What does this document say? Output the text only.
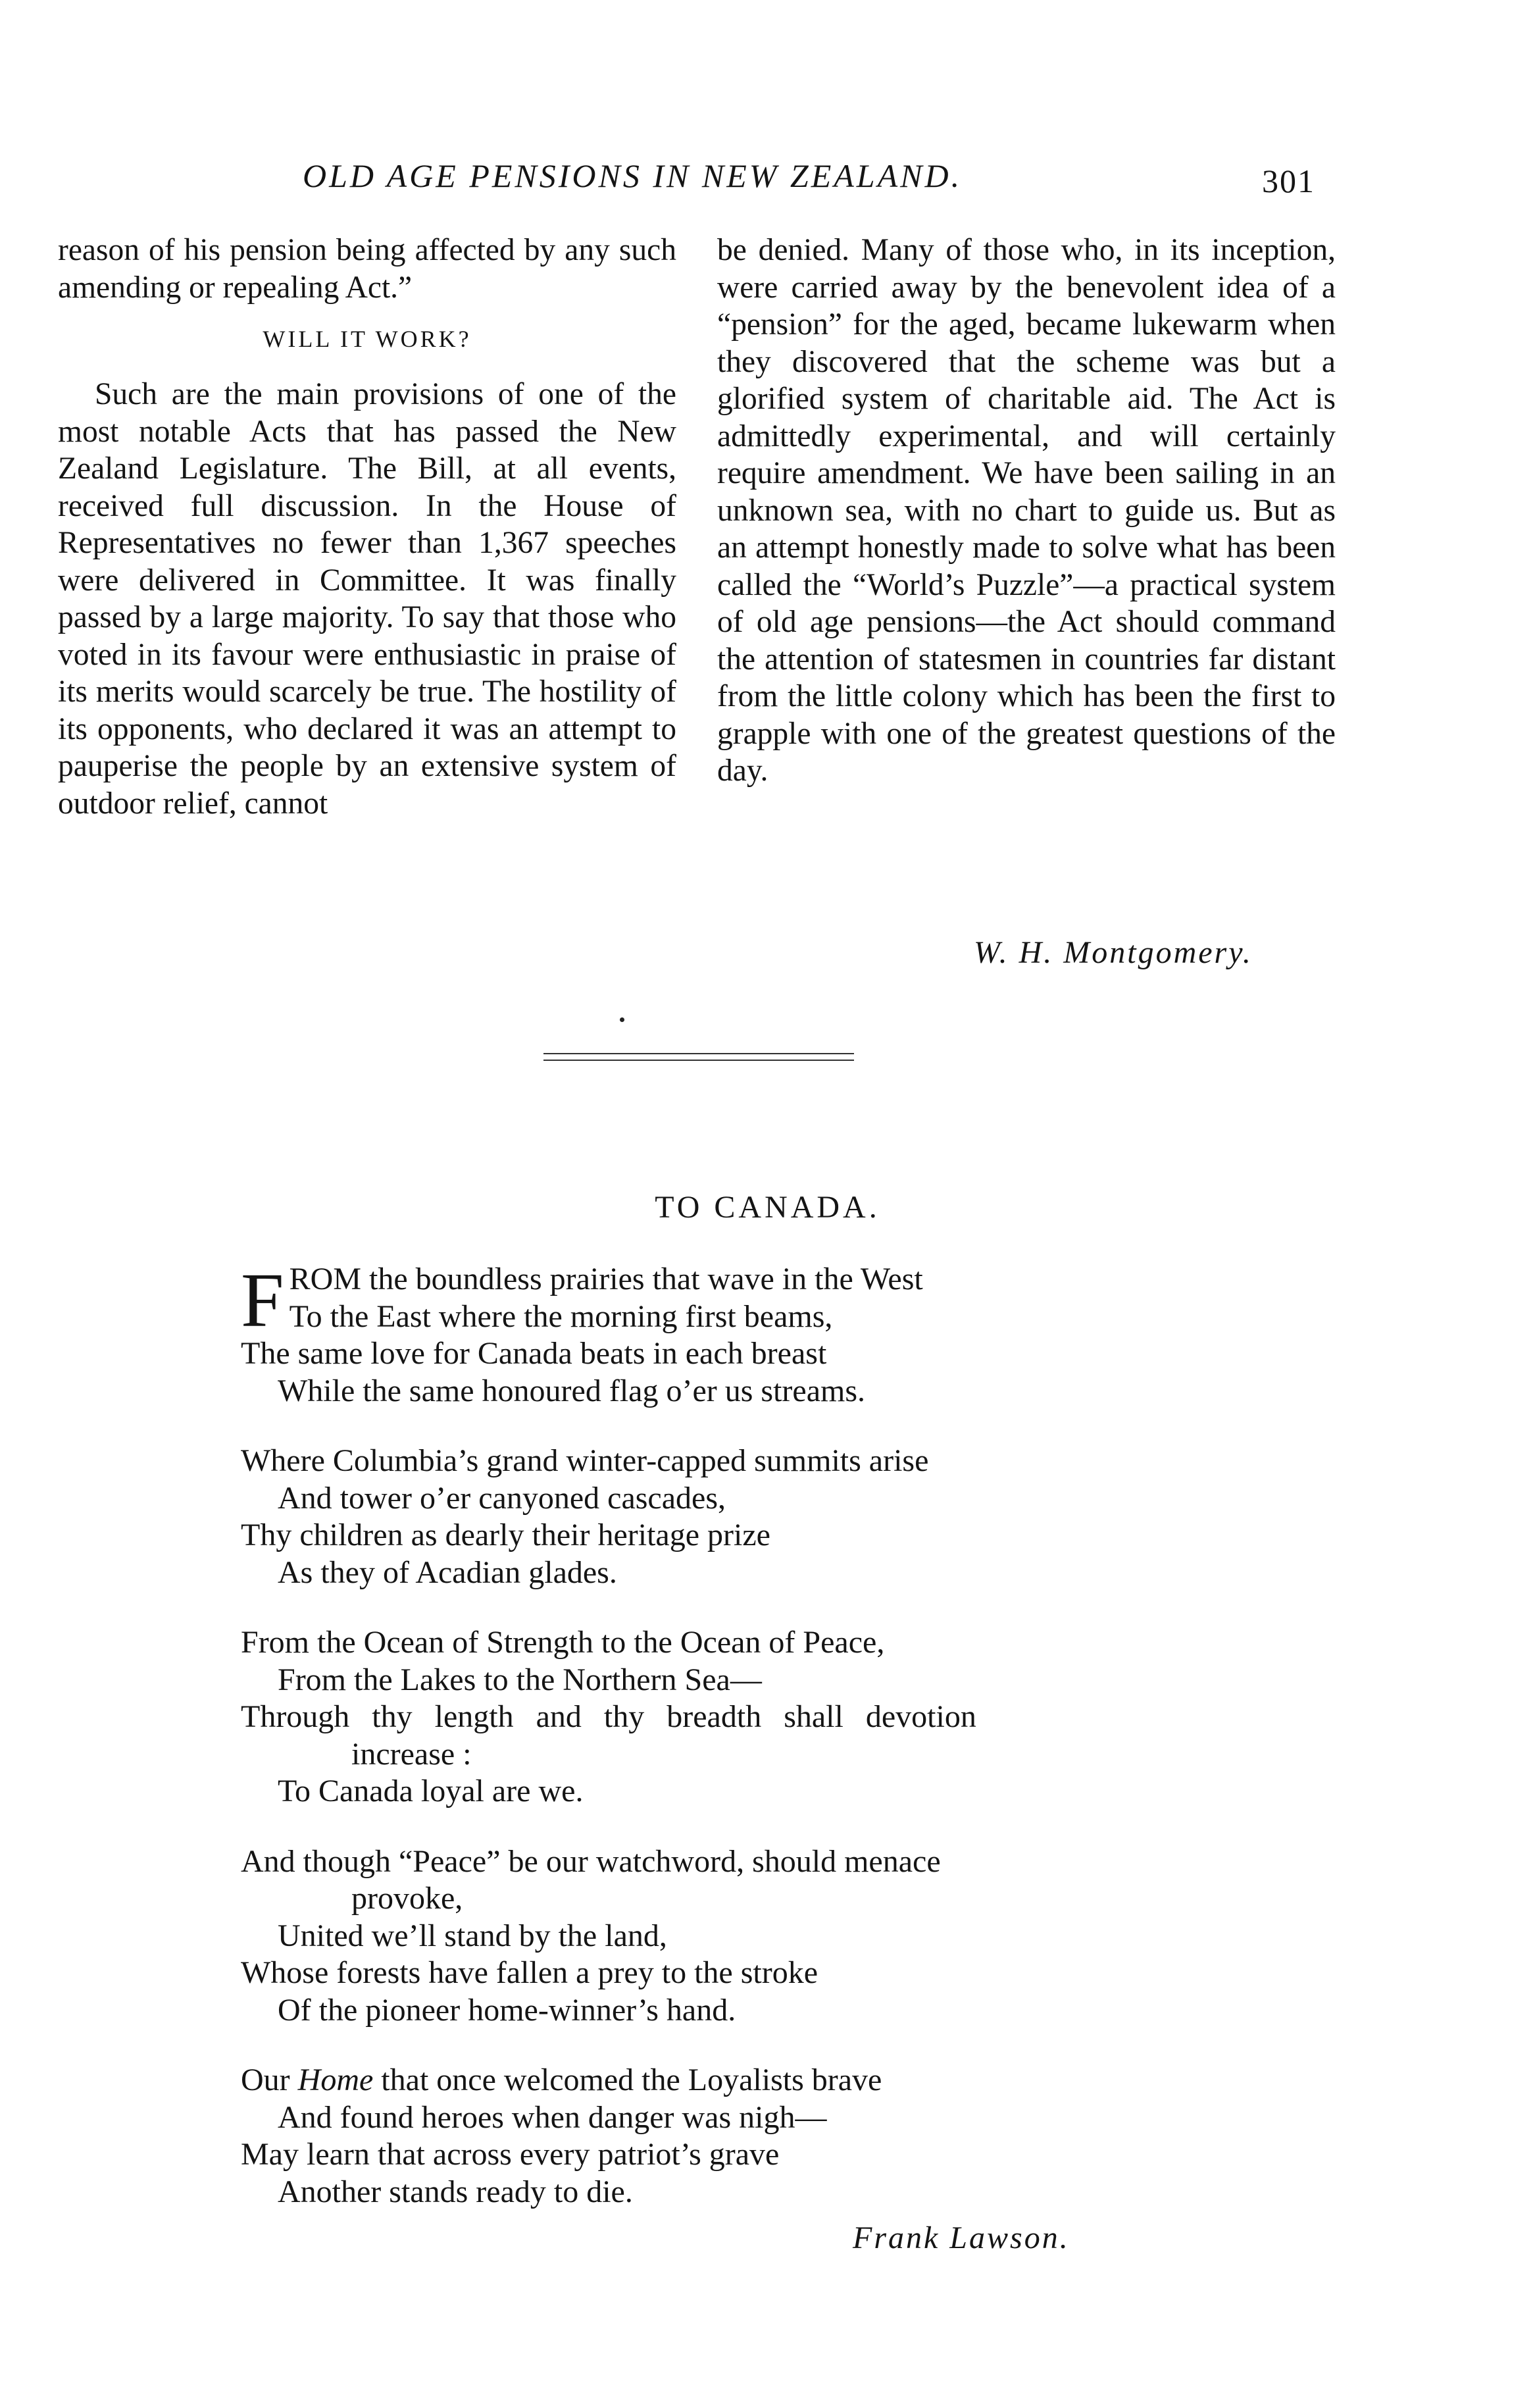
OLD AGE PENSIONS IN NEW ZEALAND.	301

reason of his pension being affected by any such amending or repealing Act.”

WILL IT WORK?

Such are the main provisions of one of the most notable Acts that has passed the New Zealand Legislature. The Bill, at all events, received full discussion. In the House of Representatives no fewer than 1,367 speeches were delivered in Committee. It was finally passed by a large majority. To say that those who voted in its favour were enthusiastic in praise of its merits would scarcely be true. The hostility of its opponents, who declared it was an attempt to pauperise the people by an extensive system of outdoor relief, cannot

be denied. Many of those who, in its inception, were carried away by the benevolent idea of a “pension” for the aged, became lukewarm when they discovered that the scheme was but a glorified system of charitable aid. The Act is admittedly experimental, and will certainly require amendment. We have been sailing in an unknown sea, with no chart to guide us. But as an attempt honestly made to solve what has been called the “World’s Puzzle”—a practical system of old age pensions—the Act should command the attention of statesmen in countries far distant from the little colony which has been the first to grapple with one of the greatest questions of the day.

W. H. Montgomery.
TO CANADA.
F ROM the boundless prairies that wave in the West
To the East where the morning first beams,
The same love for Canada beats in each breast
While the same honoured flag o’er us streams.
Where Columbia’s grand winter-capped summits arise
And tower o’er canyoned cascades,
Thy children as dearly their heritage prize
As they of Acadian glades.
From the Ocean of Strength to the Ocean of Peace,
From the Lakes to the Northern Sea—
Through thy length and thy breadth shall devotion
increase :
To Canada loyal are we.
And though “Peace” be our watchword, should menace
provoke,
United we’ll stand by the land,
Whose forests have fallen a prey to the stroke
Of the pioneer home-winner’s hand.
Our Home that once welcomed the Loyalists brave
And found heroes when danger was nigh—
May learn that across every patriot’s grave
Another stands ready to die.
Frank Lawson.
